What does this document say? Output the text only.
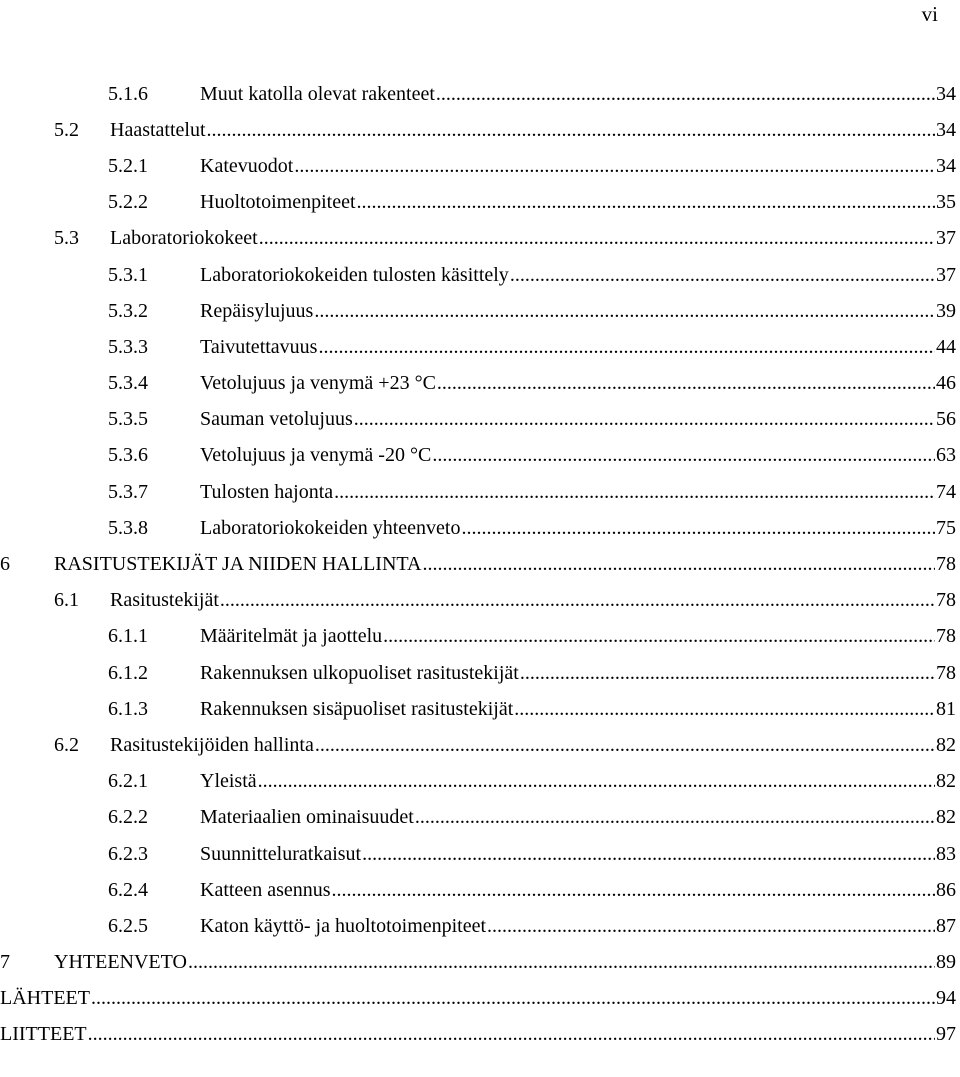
vi
5.1.6	Muut katolla olevat rakenteet .....	34
5.2	Haastattelut .....	34
5.2.1	Katevuodot .....	34
5.2.2	Huoltotoimenpiteet .....	35
5.3	Laboratoriokokeet .....	37
5.3.1	Laboratoriokokeiden tulosten käsittely .....	37
5.3.2	Repäisylujuus .....	39
5.3.3	Taivutettavuus .....	44
5.3.4	Vetolujuus ja venymä +23 °C .....	46
5.3.5	Sauman vetolujuus .....	56
5.3.6	Vetolujuus ja venymä -20 °C .....	63
5.3.7	Tulosten hajonta .....	74
5.3.8	Laboratoriokokeiden yhteenveto .....	75
6	RASITUSTEKIJÄT JA NIIDEN HALLINTA .....	78
6.1	Rasitustekijät .....	78
6.1.1	Määritelmät ja jaottelu .....	78
6.1.2	Rakennuksen ulkopuoliset rasitustekijät .....	78
6.1.3	Rakennuksen sisäpuoliset rasitustekijät .....	81
6.2	Rasitustekijöiden hallinta .....	82
6.2.1	Yleistä .....	82
6.2.2	Materiaalien ominaisuudet .....	82
6.2.3	Suunnitteluratkaisut .....	83
6.2.4	Katteen asennus .....	86
6.2.5	Katon käyttö- ja huoltotoimenpiteet .....	87
7	YHTEENVETO .....	89
LÄHTEET .....	94
LIITTEET .....	97
